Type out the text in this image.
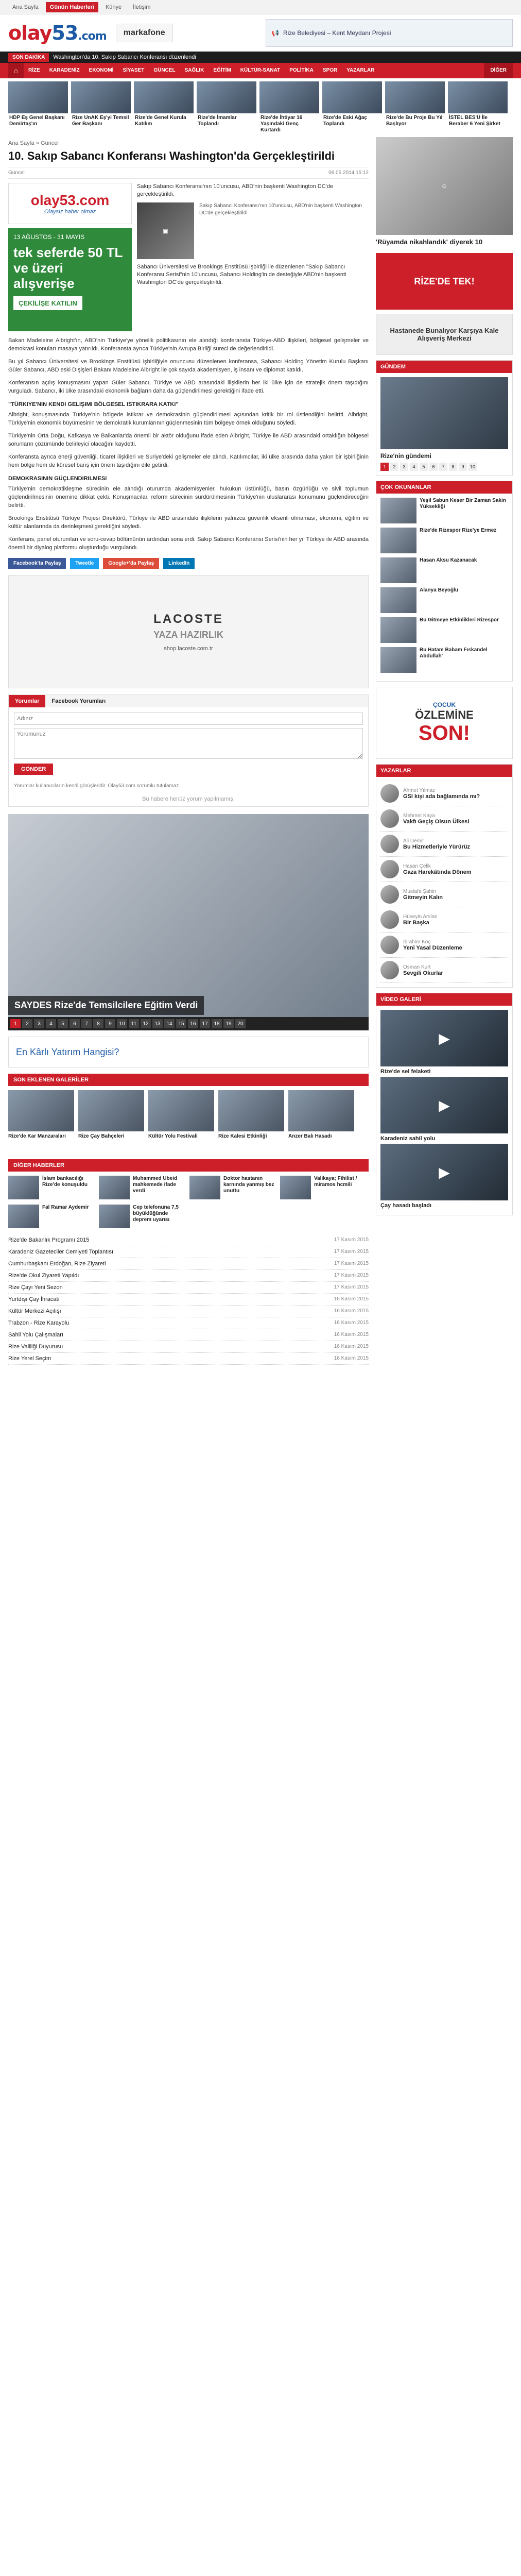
Ana Sayfa	Günün Haberleri	Künye	İletişim
olay53.com	markafone	📢 Rize Belediyesi – Kent Meydanı Projesi
SON DAKİKA	Washington'da 10. Sakıp Sabancı Konferansı düzenlendi
⌂	RİZE	KARADENİZ	EKONOMİ	SİYASET	GÜNCEL	SAĞLIK	EĞİTİM	KÜLTÜR-SANAT	POLİTİKA	SPOR	YAZARLAR	DİĞER
HDP Eş Genel Başkanı Demirtaş'ın
Rize UnAK Eş'yi Temsil Ger Başkanı
Rize'de Genel Kurula Katılım
Rize'de İmamlar Toplandı
Rize'de İhtiyar 16 Yaşındaki Genç Kurtardı
Rize'de Eski Ağaç Toplandı
Rize'de Bu Proje Bu Yıl Başlıyor
İSTEL BES'Ü İle Beraber 6 Yeni Şirket
Ana Sayfa » Güncel
10. Sakıp Sabancı Konferansı Washington'da Gerçekleştirildi
Güncel	06.05.2014 15:12
olay53.com
Olaysız haber olmaz
13 AĞUSTOS - 31 MAYIS
tek seferde 50 TL ve üzeri alışverişe
ÇEKİLİŞE KATILIN

Sakıp Sabancı Konferansı'nın 10'uncusu, ABD'nin başkenti Washington DC'de gerçekleştirildi.

▣
Sakıp Sabancı Konferansı'nın 10'uncusu, ABD'nin başkenti Washington DC'de gerçekleştirildi.

Sabancı Üniversitesi ve Brookings Enstitüsü işbirliği ile düzenlenen "Sakıp Sabancı Konferansı Serisi"nin 10'uncusu, Sabancı Holding'in de desteğiyle ABD'nin başkenti Washington DC'de gerçekleştirildi.

Bakan Madeleine Albright'ın, ABD'nin Türkiye'ye yönelik politikasının ele alındığı konferansta Türkiye-ABD ilişkileri, bölgesel gelişmeler ve demokrasi konuları masaya yatırıldı. Konferansta ayrıca Türkiye'nin Avrupa Birliği süreci de değerlendirildi.

Bu yıl Sabancı Üniversitesi ve Brookings Enstitüsü işbirliğiyle onuncusu düzenlenen konferansa, Sabancı Holding Yönetim Kurulu Başkanı Güler Sabancı, ABD eski Dışişleri Bakanı Madeleine Albright ile çok sayıda akademisyen, iş insanı ve diplomat katıldı.

Konferansın açılış konuşmasını yapan Güler Sabancı, Türkiye ve ABD arasındaki ilişkilerin her iki ülke için de stratejik önem taşıdığını vurguladı. Sabancı, iki ülke arasındaki ekonomik bağların daha da güçlendirilmesi gerektiğini ifade etti.

"TÜRKIYE'NIN KENDI GELIŞIMI BÖLGESEL ISTIKRARA KATKI"

Albright, konuşmasında Türkiye'nin bölgede istikrar ve demokrasinin güçlendirilmesi açısından kritik bir rol üstlendiğini belirtti. Albright, Türkiye'nin ekonomik büyümesinin ve demokratik kurumlarının güçlenmesinin tüm bölgeye örnek olduğunu söyledi.

Türkiye'nin Orta Doğu, Kafkasya ve Balkanlar'da önemli bir aktör olduğunu ifade eden Albright, Türkiye ile ABD arasındaki ortaklığın bölgesel sorunların çözümünde belirleyici olacağını kaydetti.

Konferansta ayrıca enerji güvenliği, ticaret ilişkileri ve Suriye'deki gelişmeler ele alındı. Katılımcılar, iki ülke arasında daha yakın bir işbirliğinin hem bölge hem de küresel barış için önem taşıdığını dile getirdi.

DEMOKRASININ GÜÇLENDIRILMESI

Türkiye'nin demokratikleşme sürecinin ele alındığı oturumda akademisyenler, hukukun üstünlüğü, basın özgürlüğü ve sivil toplumun güçlendirilmesinin önemine dikkat çekti. Konuşmacılar, reform sürecinin sürdürülmesinin Türkiye'nin uluslararası konumunu güçlendireceğini belirtti.

Brookings Enstitüsü Türkiye Projesi Direktörü, Türkiye ile ABD arasındaki ilişkilerin yalnızca güvenlik eksenli olmaması, ekonomi, eğitim ve kültür alanlarında da derinleşmesi gerektiğini söyledi.

Konferans, panel oturumları ve soru-cevap bölümünün ardından sona erdi. Sakıp Sabancı Konferansı Serisi'nin her yıl Türkiye ile ABD arasında önemli bir diyalog platformu oluşturduğu vurgulandı.

Facebook'ta Paylaş	Tweetle	Google+'da Paylaş	LinkedIn
LACOSTE
YAZA HAZIRLIK
shop.lacoste.com.tr
Yorumlar	Facebook Yorumları
Adınız Yorumunuz GÖNDER
Yorumlar kullanıcıların kendi görüşleridir. Olay53.com sorumlu tutulamaz.
Bu habere henüz yorum yapılmamış.
SAYDES Rize'de Temsilcilere Eğitim Verdi
1	2	3	4	5	6	7	8	9	10	11	12	13	14	15	16	17	18	19	20
En Kârlı Yatırım Hangisi?
SON EKLENEN GALERİLER
Rize'de Kar Manzaraları	Rize Çay Bahçeleri	Kültür Yolu Festivali	Rize Kalesi Etkinliği	Anzer Balı Hasadı
DİĞER HABERLER
İslam bankacılığı Rize'de konuşuldu
Muhammed Ubeid mahkemede ifade verdi
Doktor hastanın karnında yanmış bez unuttu
Valikaya; Fihilist / miramos hcmili
Fal Ramar Aydemir	Cep telefonuna 7,5 büyüklüğünde deprem uyarısı
Rize'de Bakanlık Programı 2015	17 Kasım 2015
Karadeniz Gazeteciler Cemiyeti Toplantısı	17 Kasım 2015
Cumhurbaşkanı Erdoğan, Rize Ziyareti	17 Kasım 2015
Rize'de Okul Ziyareti Yapıldı	17 Kasım 2015
Rize Çayı Yeni Sezon	17 Kasım 2015
Yurtdışı Çay İhracatı	16 Kasım 2015
Kültür Merkezi Açılışı	16 Kasım 2015
Trabzon - Rize Karayolu	16 Kasım 2015
Sahil Yolu Çalışmaları	16 Kasım 2015
Rize Valiliği Duyurusu	16 Kasım 2015
Rize Yerel Seçim	16 Kasım 2015
☺
'Rüyamda nikahlandık' diyerek 10
RİZE'DE TEK!
Hastanede Bunalıyor Karşıya Kale Alışveriş Merkezi
GÜNDEM
Rize'nin gündemi
1	2	3	4	5	6	7	8	9	10
ÇOK OKUNANLAR
Yeşil Sabun Keser Bir Zaman Sakin Yüksekliği
Rize'de Rizespor Rize'ye Ermez
Hasan Aksu Kazanacak
Alanya Beyoğlu
Bu Gitmeye Etkinlikleri Rizespor
Bu Hatam Babam Fıskandel Abdullah'
ÇOCUK
ÖZLEMİNE
SON!
YAZARLAR
Ahmet Yılmaz
GSI kişi ada bağlamında mı?
Mehmet Kaya
Vakfı Geçiş Olsun Ülkesi
Ali Demir
Bu Hizmetleriyle Yürürüz
Hasan Çelik
Gaza Harekâtında Dönem
Mustafa Şahin
Gitmeyin Kalın
Hüseyin Arslan
Bir Başka
İbrahim Koç
Yeni Yasal Düzenleme
Osman Kurt
Sevgili Okurlar
VİDEO GALERİ
▶
Rize'de sel felaketi
▶
Karadeniz sahil yolu
▶
Çay hasadı başladı
